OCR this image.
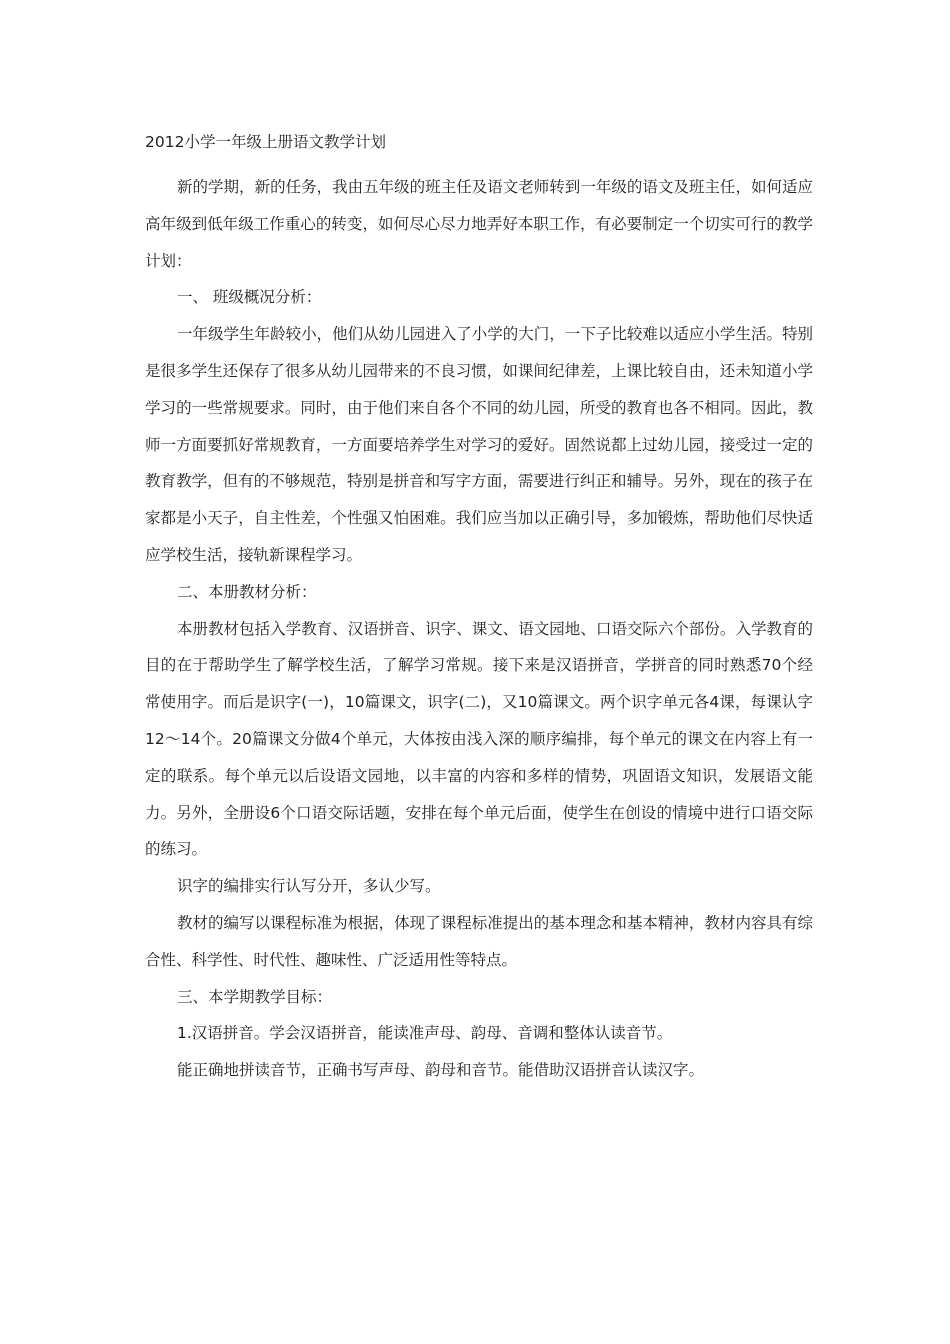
2012小学一年级上册语文教学计划

新的学期，新的任务，我由五年级的班主任及语文老师转到一年级的语文及班主任，如何适应高年级到低年级工作重心的转变，如何尽心尽力地弄好本职工作，有必要制定一个切实可行的教学计划：

一、 班级概况分析：

一年级学生年龄较小，他们从幼儿园进入了小学的大门，一下子比较难以适应小学生活。特别是很多学生还保存了很多从幼儿园带来的不良习惯，如课间纪律差，上课比较自由，还未知道小学学习的一些常规要求。同时，由于他们来自各个不同的幼儿园，所受的教育也各不相同。因此，教师一方面要抓好常规教育，一方面要培养学生对学习的爱好。固然说都上过幼儿园，接受过一定的教育教学，但有的不够规范，特别是拼音和写字方面，需要进行纠正和辅导。另外，现在的孩子在家都是小天子，自主性差，个性强又怕困难。我们应当加以正确引导，多加锻炼，帮助他们尽快适应学校生活，接轨新课程学习。

二、本册教材分析：

本册教材包括入学教育、汉语拼音、识字、课文、语文园地、口语交际六个部份。入学教育的目的在于帮助学生了解学校生活，了解学习常规。接下来是汉语拼音，学拼音的同时熟悉70个经常使用字。而后是识字(一)，10篇课文，识字(二)，又10篇课文。两个识字单元各4课，每课认字12～14个。20篇课文分做4个单元，大体按由浅入深的顺序编排，每个单元的课文在内容上有一定的联系。每个单元以后设语文园地，以丰富的内容和多样的情势，巩固语文知识，发展语文能力。另外，全册设6个口语交际话题，安排在每个单元后面，使学生在创设的情境中进行口语交际的练习。

识字的编排实行认写分开，多认少写。

教材的编写以课程标准为根据，体现了课程标准提出的基本理念和基本精神，教材内容具有综合性、科学性、时代性、趣味性、广泛适用性等特点。

三、本学期教学目标：

1.汉语拼音。学会汉语拼音，能读准声母、韵母、音调和整体认读音节。

能正确地拼读音节，正确书写声母、韵母和音节。能借助汉语拼音认读汉字。
